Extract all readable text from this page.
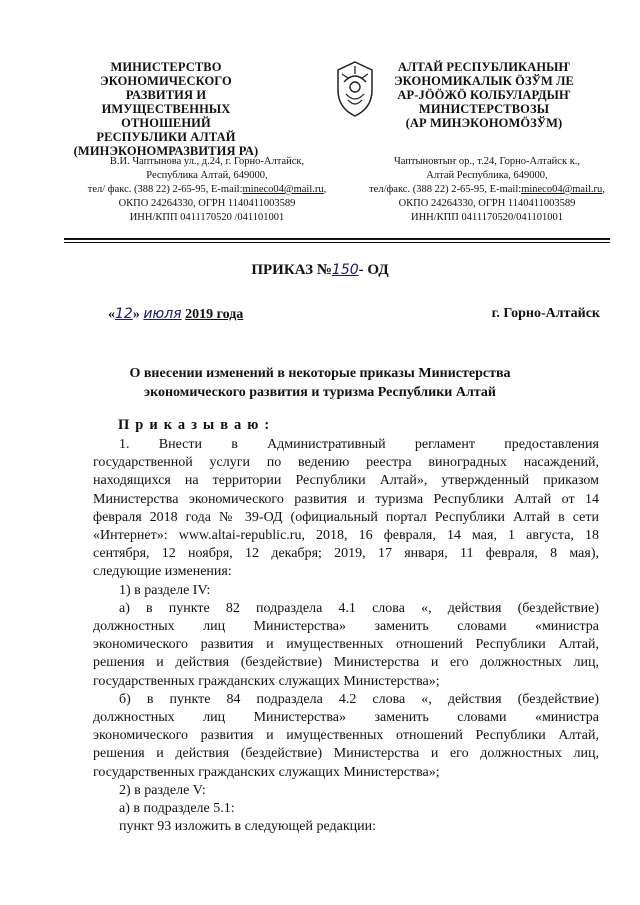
МИНИСТЕРСТВО
ЭКОНОМИЧЕСКОГО РАЗВИТИЯ И
ИМУЩЕСТВЕННЫХ ОТНОШЕНИЙ
РЕСПУБЛИКИ АЛТАЙ
(МИНЭКОНОМРАЗВИТИЯ РА)
АЛТАЙ РЕСПУБЛИКАНЫҤ
ЭКОНОМИКАЛЫК ÖЗЎМ ЛЕ
АР-JÖÖЖÖ КОЛБУЛАРДЫҤ
МИНИСТЕРСТВОЗЫ
(АР МИНЭКОНОМÖЗЎМ)
В.И. Чаптынова ул., д.24, г. Горно-Алтайск,
Республика Алтай, 649000,
тел/ факс. (388 22) 2-65-95, E-mail:mineco04@mail.ru,
ОКПО 24264330, ОГРН 1140411003589
ИНН/КПП 0411170520 /041101001
Чаптыновтыҥ ор., т.24, Горно-Алтайск к.,
Алтай Республика, 649000,
тел/факс. (388 22) 2-65-95, E-mail:mineco04@mail.ru,
ОКПО 24264330, ОГРН 1140411003589
ИНН/КПП 0411170520/041101001
ПРИКАЗ №150- ОД
«12» июля 2019 года	г. Горно-Алтайск
О внесении изменений в некоторые приказы Министерства
экономического развития и туризма Республики Алтай
Приказываю:

1. Внести в Административный регламент предоставления

государственной услуги по ведению реестра виноградных насаждений,

находящихся на территории Республики Алтай», утвержденный приказом

Министерства экономического развития и туризма Республики Алтай от 14

февраля 2018 года № 39-ОД (официальный портал Республики Алтай в сети

«Интернет»: www.altai-republic.ru, 2018, 16 февраля, 14 мая, 1 августа, 18

сентября, 12 ноября, 12 декабря; 2019, 17 января, 11 февраля, 8 мая),

следующие изменения:

1) в разделе IV:

а) в пункте 82 подраздела 4.1 слова «, действия (бездействие)

должностных лиц Министерства» заменить словами «министра

экономического развития и имущественных отношений Республики Алтай,

решения и действия (бездействие) Министерства и его должностных лиц,

государственных гражданских служащих Министерства»;

б) в пункте 84 подраздела 4.2 слова «, действия (бездействие)

должностных лиц Министерства» заменить словами «министра

экономического развития и имущественных отношений Республики Алтай,

решения и действия (бездействие) Министерства и его должностных лиц,

государственных гражданских служащих Министерства»;

2) в разделе V:

а) в подразделе 5.1:

пункт 93 изложить в следующей редакции:
